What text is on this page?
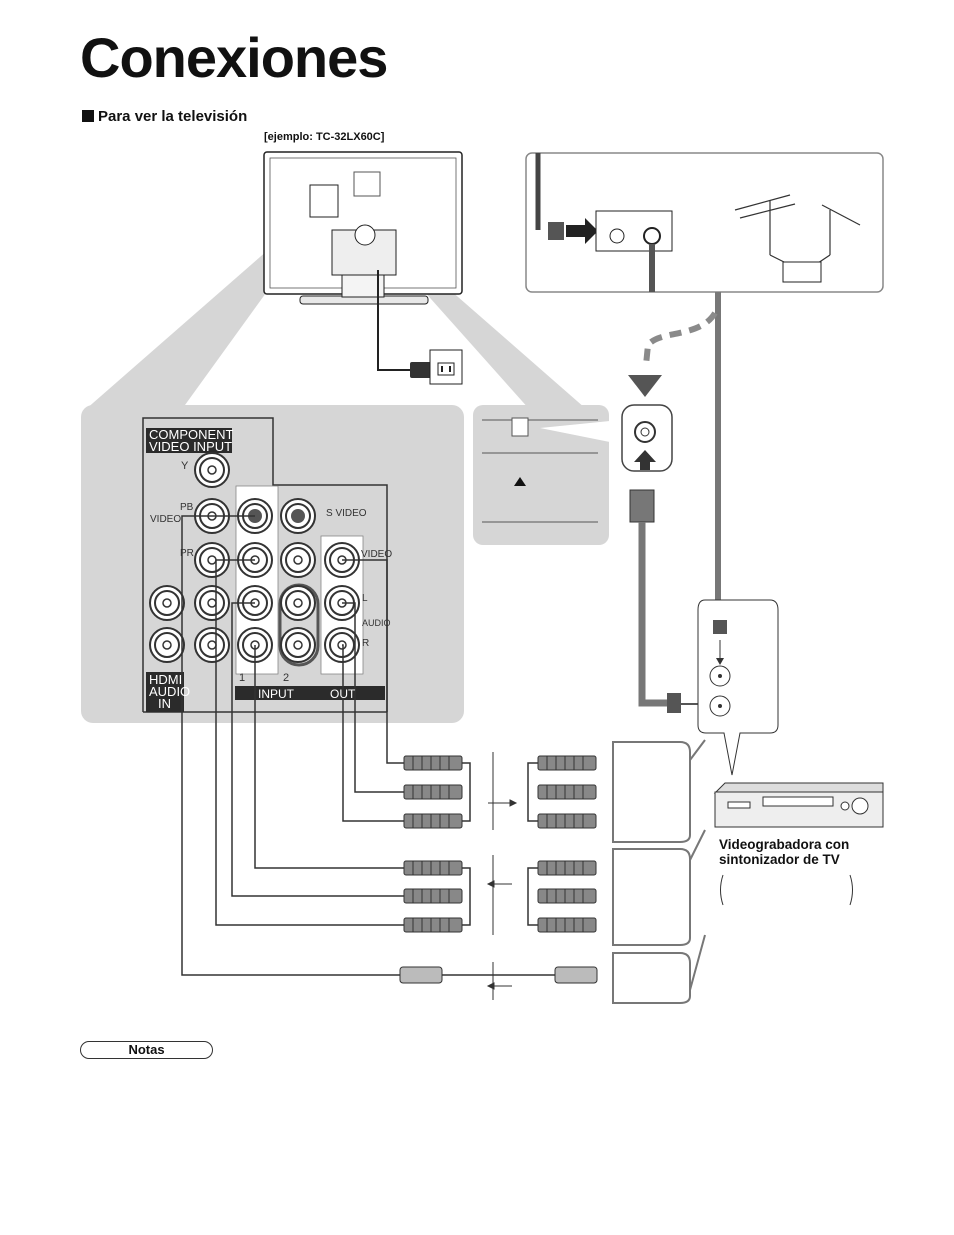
Conexiones
Para ver la televisión
[ejemplo: TC-32LX60C]
COMPONENT
VIDEO INPUT
HDMI
AUDIO
IN
INPUT	OUT
Y
PB
PR
VIDEO
S VIDEO
VIDEO
L
AUDIO
R
1	2
Videograbadora con
sintonizador de TV
Notas
